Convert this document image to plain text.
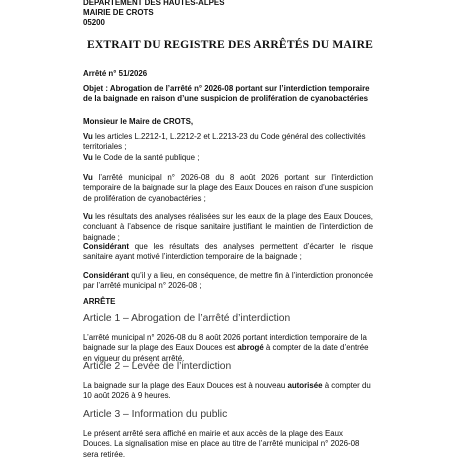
DEPARTEMENT DES HAUTES-ALPES
MAIRIE DE CROTS
05200
EXTRAIT DU REGISTRE DES ARRÊTÉS DU MAIRE
Arrêté n° 51/2026
Objet : Abrogation de l’arrêté n° 2026-08 portant sur l’interdiction temporaire de la baignade en raison d’une suspicion de prolifération de cyanobactéries
Monsieur le Maire de CROTS,
Vu les articles L.2212-1, L.2212-2 et L.2213-23 du Code général des collectivités territoriales ;
Vu le Code de la santé publique ;
Vu l’arrêté municipal n° 2026-08 du 8 août 2026 portant sur l’interdiction temporaire de la baignade sur la plage des Eaux Douces en raison d’une suspicion de prolifération de cyanobactéries ;
Vu les résultats des analyses réalisées sur les eaux de la plage des Eaux Douces, concluant à l’absence de risque sanitaire justifiant le maintien de l’interdiction de baignade ;
Considérant que les résultats des analyses permettent d’écarter le risque sanitaire ayant motivé l’interdiction temporaire de la baignade ;
Considérant qu’il y a lieu, en conséquence, de mettre fin à l’interdiction prononcée par l’arrêté municipal n° 2026-08 ;
ARRÊTE
Article 1 – Abrogation de l’arrêté d’interdiction
L’arrêté municipal n° 2026-08 du 8 août 2026 portant interdiction temporaire de la baignade sur la plage des Eaux Douces est abrogé à compter de la date d’entrée en vigueur du présent arrêté.
Article 2 – Levée de l’interdiction
La baignade sur la plage des Eaux Douces est à nouveau autorisée à compter du 10 août 2026 à 9 heures.
Article 3 – Information du public
Le présent arrêté sera affiché en mairie et aux accès de la plage des Eaux Douces. La signalisation mise en place au titre de l’arrêté municipal n° 2026-08 sera retirée.
